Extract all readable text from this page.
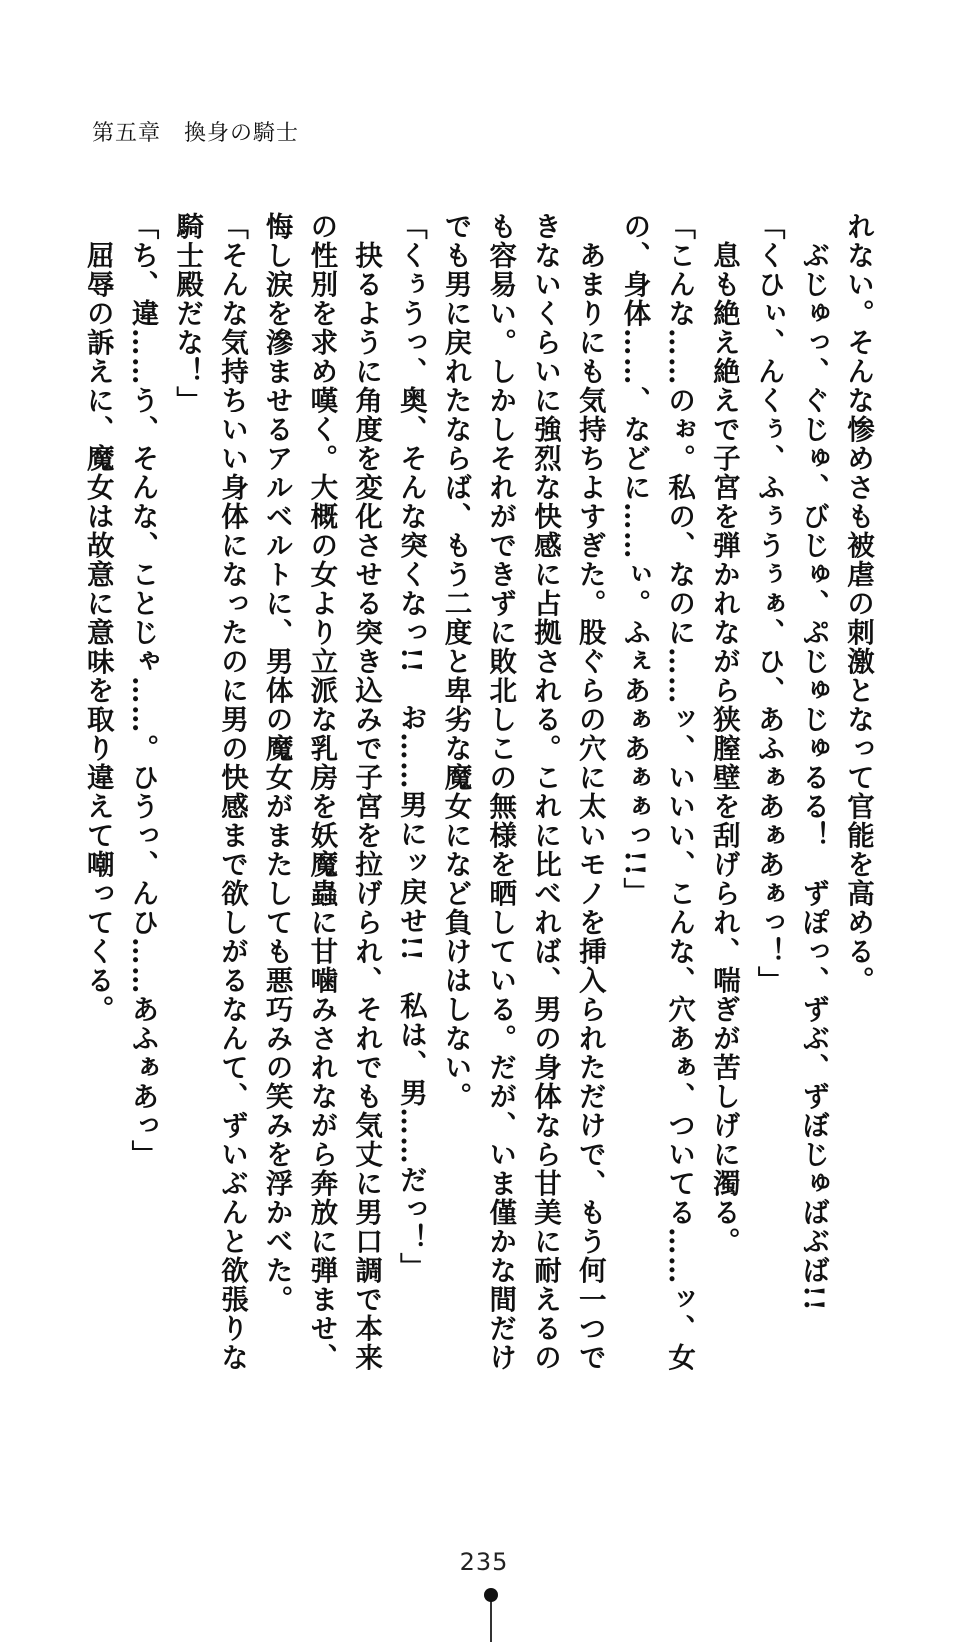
第五章　換身の騎士
れない。そんな惨めさも被虐の刺激となって官能を高める。
　ぶじゅっ、ぐじゅ、びじゅ、ぷじゅじゅるる！　ずぽっ、ずぶ、ずぼじゅばぶば!!
「くひぃ、んくぅ、ふぅうぅぁ、ひ、あふぁあぁあぁっ！」
　息も絶え絶えで子宮を弾かれながら狭膣壁を刮げられ、喘ぎが苦しげに濁る。
「こんな……のぉ。私の、なのに……ッ、いいい、こんな、穴あぁ、ついてる……ッ、女
の、身体……、などに……ぃ。ふぇあぁあぁぁっ!!」
　あまりにも気持ちよすぎた。股ぐらの穴に太いモノを挿入られただけで、もう何一つで
きないくらいに強烈な快感に占拠される。これに比べれば、男の身体なら甘美に耐えるの
も容易い。しかしそれができずに敗北しこの無様を晒している。だが、いま僅かな間だけ
でも男に戻れたならば、もう二度と卑劣な魔女になど負けはしない。
「くぅうっ、奥、そんな突くなっ!!　お……男にッ戻せ!!　私は、男……だっ！」
　抉るように角度を変化させる突き込みで子宮を拉げられ、それでも気丈に男口調で本来
の性別を求め嘆く。大概の女より立派な乳房を妖魔蟲に甘噛みされながら奔放に弾ませ、
悔し涙を滲ませるアルベルトに、男体の魔女がまたしても悪巧みの笑みを浮かべた。
「そんな気持ちいい身体になったのに男の快感まで欲しがるなんて、ずいぶんと欲張りな
騎士殿だな！」
「ち、違……う、そんな、ことじゃ……。ひうっ、んひ……あふぁあっ」
　屈辱の訴えに、魔女は故意に意味を取り違えて嘲ってくる。
235
